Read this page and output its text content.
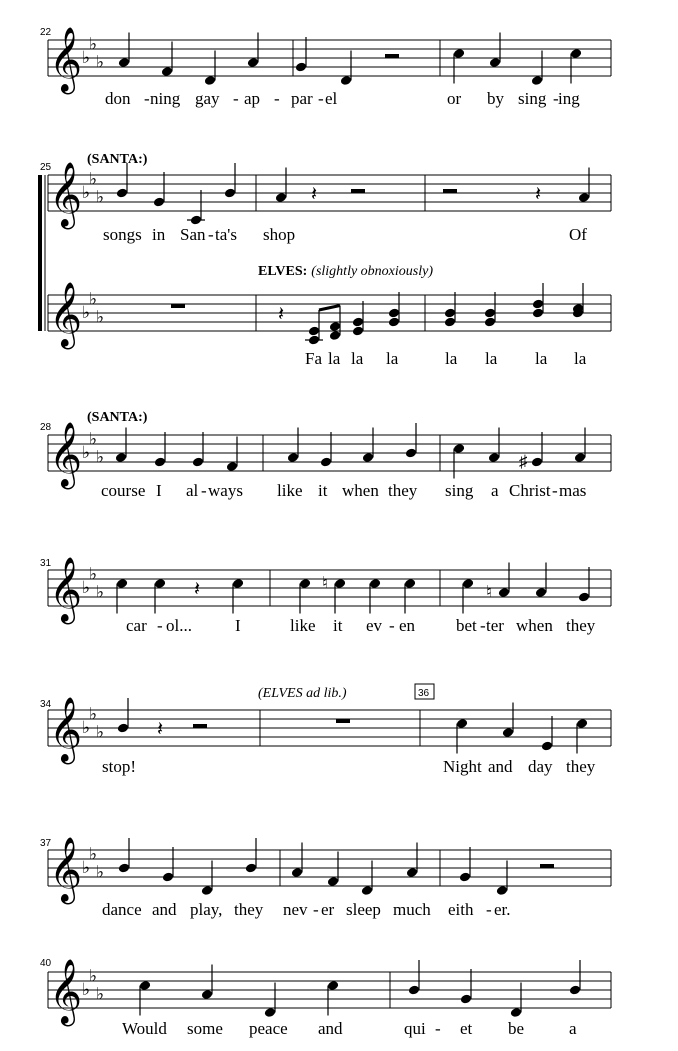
𝄞 ♭
♭
♭
𝄞 ♭
♭
♭
𝄞 ♭
♭
♭
𝄞 ♭
♭
♭
𝄞 ♭
♭
♭
𝄞 ♭
♭
♭
𝄞 ♭
♭
♭
𝄞 ♭
♭
♭
𝄽	𝄽
𝄽
♯
𝄽	♮	♮
𝄽
22
don - ning gay - ap - par - el	or by sing - ing
25
(SANTA:)
songs in San - ta's shop	Of
ELVES: (slightly obnoxiously)
Fa la la la	la la la la
28
(SANTA:)
course I al - ways like it when they sing a Christ - mas
31
car - ol...	I	like it ev - en bet - ter when they
34
(ELVES ad lib.)	36
stop!	Night and day they
37
dance and play, they nev - er sleep much eith - er.
40
Would some peace and	qui - et be	a
